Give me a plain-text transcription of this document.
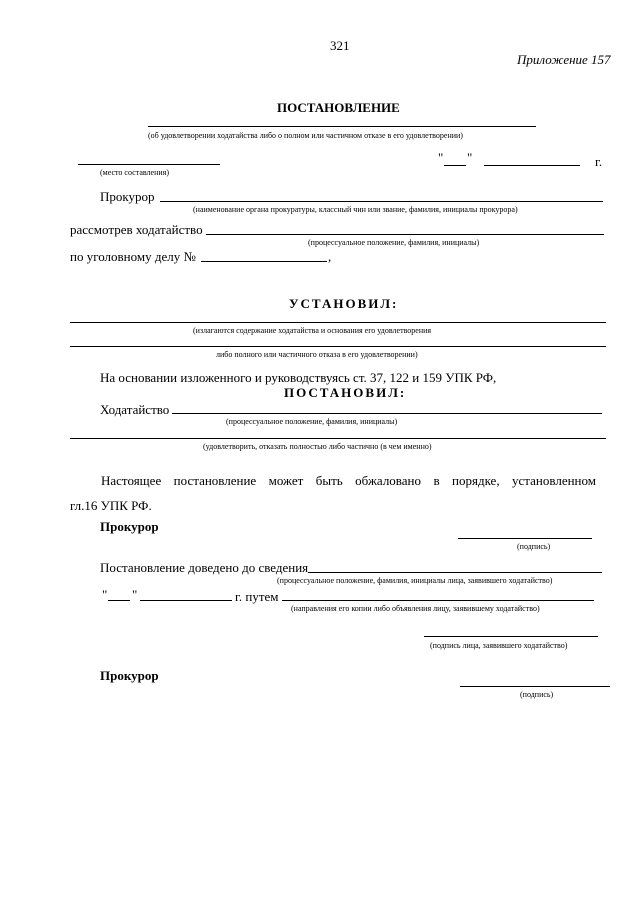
321
Приложение 157
ПОСТАНОВЛЕНИЕ
(об удовлетворении ходатайства либо о полном или частичном отказе в его удовлетворении)
(место составления)
" "	г.
Прокурор
(наименование органа прокуратуры, классный чин или звание, фамилия, инициалы прокурора)
рассмотрев ходатайство
(процессуальное положение, фамилия, инициалы)
по уголовному делу №	,
УСТАНОВИЛ:
(излагаются содержание ходатайства и основания его удовлетворения
либо полного или частичного отказа в его удовлетворении)
На основании изложенного и руководствуясь ст. 37, 122 и 159 УПК РФ,
ПОСТАНОВИЛ:
Ходатайство
(процессуальное положение, фамилия, инициалы)
(удовлетворить, отказать полностью либо частично (в чем именно)
Настоящее постановление может быть обжаловано в порядке, установленном
гл.16 УПК РФ.
Прокурор
(подпись)
Постановление доведено до сведения
(процессуальное положение, фамилия, инициалы лица, заявившего ходатайство)
" "	г. путем
(направления его копии либо объявления лицу, заявившему ходатайство)
(подпись лица, заявившего ходатайство)
Прокурор
(подпись)
